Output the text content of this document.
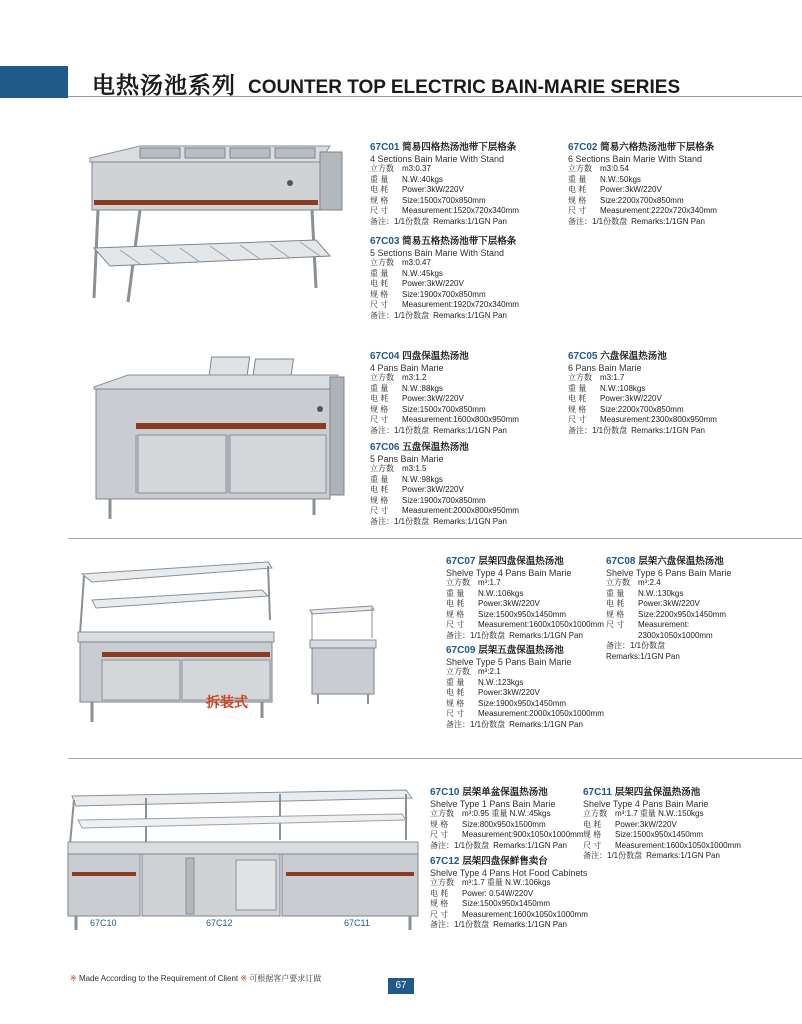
电热汤池系列 COUNTER TOP ELECTRIC BAIN-MARIE SERIES
67C01 简易四格热汤池带下层格条
4 Sections Bain Marie With Stand
立方数	m3:0.37
重 量	N.W.:40kgs
电 耗	Power:3kW/220V
规 格	Size:1500x700x850mm
尺 寸	Measurement:1520x720x340mm
备注：1/1份数盘 Remarks:1/1GN Pan
67C02 简易六格热汤池带下层格条
6 Sections Bain Marie With Stand
立方数	m3:0.54
重 量	N.W.:50kgs
电 耗	Power:3kW/220V
规 格	Size:2200x700x850mm
尺 寸	Measurement:2220x720x340mm
备注：1/1份数盘 Remarks:1/1GN Pan
67C03 简易五格热汤池带下层格条
5 Sections Bain Marie With Stand
立方数	m3:0.47
重 量	N.W.:45kgs
电 耗	Power:3kW/220V
规 格	Size:1900x700x850mm
尺 寸	Measurement:1920x720x340mm
备注：1/1份数盘 Remarks:1/1GN Pan
67C04 四盘保温热汤池
4 Pans Bain Marie
立方数	m3:1.2
重 量	N.W.:88kgs
电 耗	Power:3kW/220V
规 格	Size:1500x700x850mm
尺 寸	Measurement:1600x800x950mm
备注：1/1份数盘 Remarks:1/1GN Pan
67C05 六盘保温热汤池
6 Pans Bain Marie
立方数	m3:1.7
重 量	N.W.:108kgs
电 耗	Power:3kW/220V
规 格	Size:2200x700x850mm
尺 寸	Measurement:2300x800x950mm
备注：1/1份数盘 Remarks:1/1GN Pan
67C06 五盘保温热汤池
5 Pans Bain Marie
立方数	m3:1.5
重 量	N.W.:98kgs
电 耗	Power:3kW/220V
规 格	Size:1900x700x850mm
尺 寸	Measurement:2000x800x950mm
备注：1/1份数盘 Remarks:1/1GN Pan
拆装式
67C07 层架四盘保温热汤池
Shelve Type 4 Pans Bain Marie
立方数	m³:1.7
重 量	N.W.:106kgs
电 耗	Power:3kW/220V
规 格	Size:1500x950x1450mm
尺 寸	Measurement:1600x1050x1000mm
备注：1/1份数盘 Remarks:1/1GN Pan
67C08 层架六盘保温热汤池
Shelve Type 6 Pans Bain Marie
立方数	m³:2.4
重 量	N.W.:130kgs
电 耗	Power:3kW/220V
规 格	Size:2200x950x1450mm
尺 寸	Measurement:
2300x1050x1000mm
备注：1/1份数盘
Remarks:1/1GN Pan
67C09 层架五盘保温热汤池
Shelve Type 5 Pans Bain Marie
立方数	m³:2.1
重 量	N.W.:123kgs
电 耗	Power:3kW/220V
规 格	Size:1900x950x1450mm
尺 寸	Measurement:2000x1050x1000mm
备注：1/1份数盘 Remarks:1/1GN Pan
67C10	67C12	67C11
67C10 层架单盆保温热汤池
Shelve Type 1 Pans Bain Marie
立方数	m³:0.95 重量 N.W.:45kgs
规 格	Size:800x950x1500mm
尺 寸	Measurement:900x1050x1000mm
备注：1/1份数盘 Remarks:1/1GN Pan
67C11 层架四盆保温热汤池
Shelve Type 4 Pans Bain Marie
立方数	m³:1.7 重量 N.W.:150kgs
电 耗	Power:3kW/220V
规 格	Size:1500x950x1450mm
尺 寸	Measurement:1600x1050x1000mm
备注：1/1份数盘 Remarks:1/1GN Pan
67C12 层架四盘保鲜售卖台
Shelve Type 4 Pans Hot Food Cabinets
立方数	m³:1.7 重量 N.W.:106kgs
电 耗	Power: 0.54W/220V
规 格	Size:1500x950x1450mm
尺 寸	Measurement:1600x1050x1000mm
备注：1/1份数盘 Remarks:1/1GN Pan
※ Made According to the Requirement of Client ※ 可根据客户要求订做
67
